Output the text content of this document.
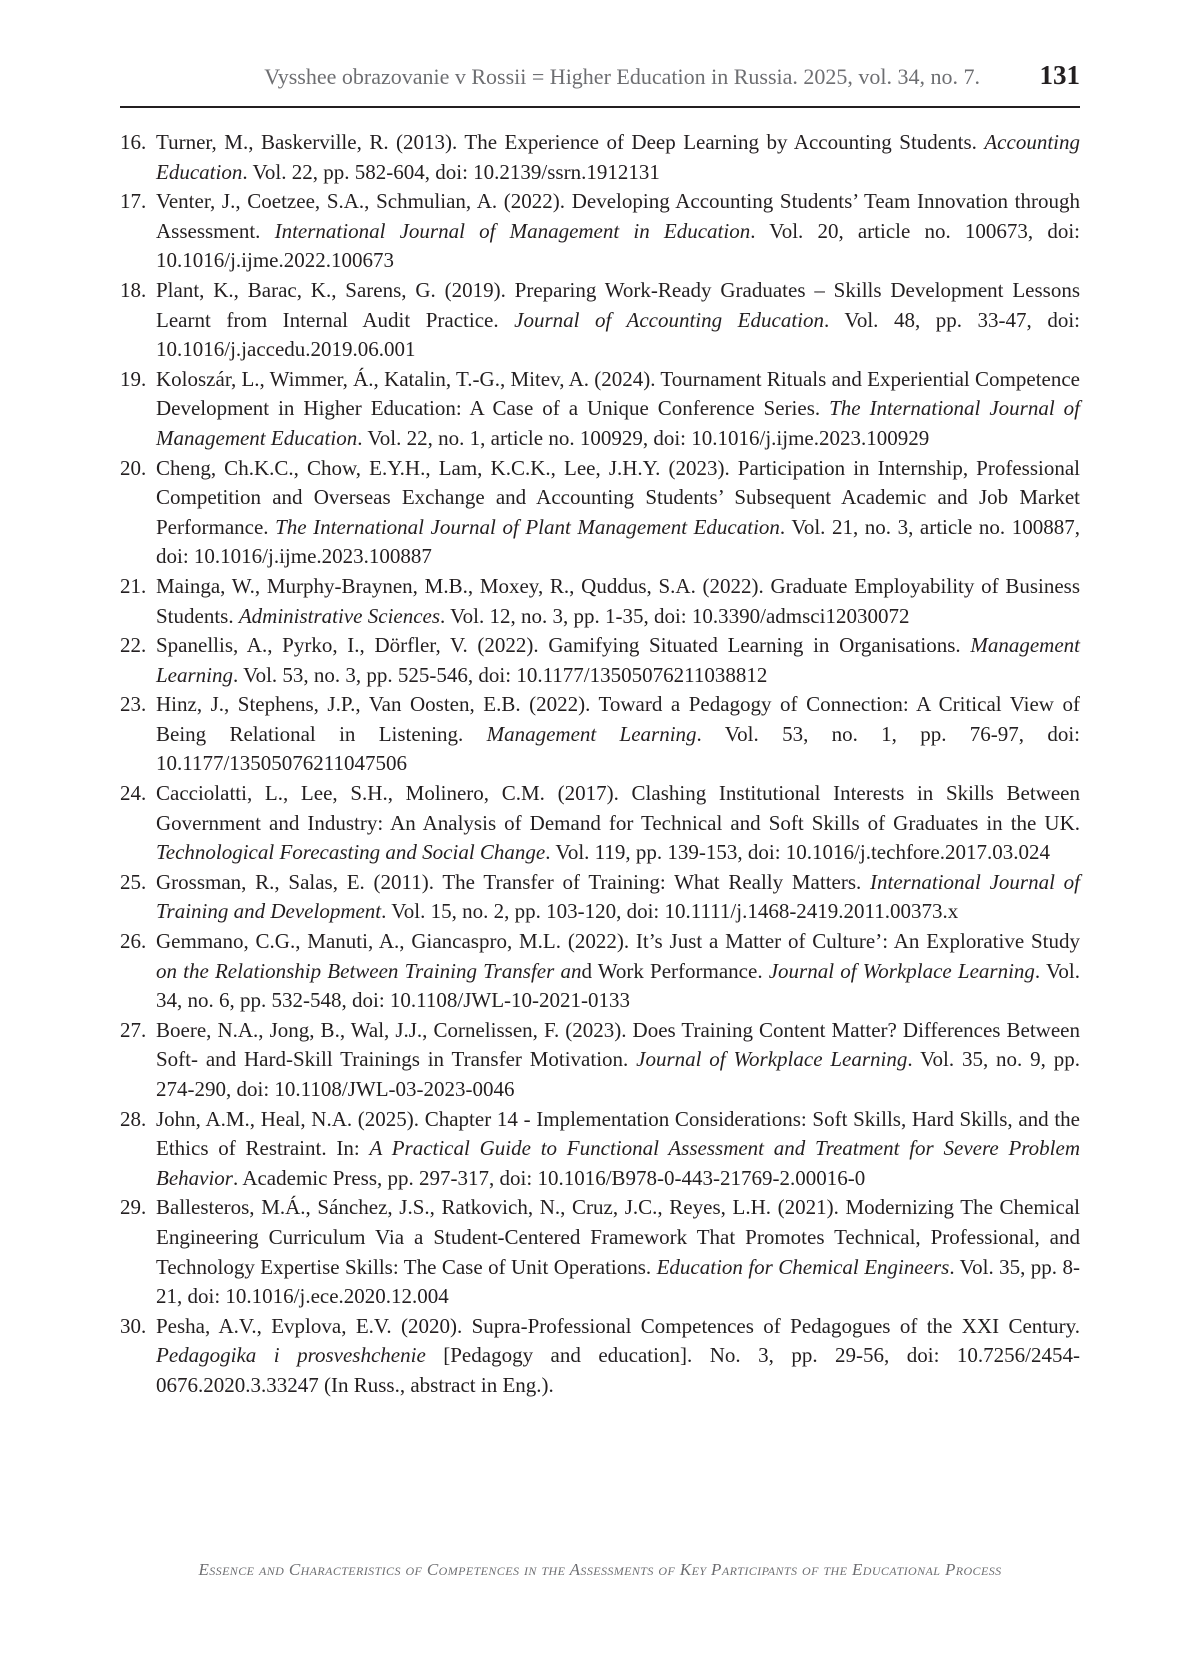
Vysshee obrazovanie v Rossii = Higher Education in Russia. 2025, vol. 34, no. 7. 131
16. Turner, M., Baskerville, R. (2013). The Experience of Deep Learning by Accounting Students. Accounting Education. Vol. 22, pp. 582-604, doi: 10.2139/ssrn.1912131
17. Venter, J., Coetzee, S.A., Schmulian, A. (2022). Developing Accounting Students’ Team Innovation through Assessment. International Journal of Management in Education. Vol. 20, article no. 100673, doi: 10.1016/j.ijme.2022.100673
18. Plant, K., Barac, K., Sarens, G. (2019). Preparing Work-Ready Graduates – Skills Development Lessons Learnt from Internal Audit Practice. Journal of Accounting Education. Vol. 48, pp. 33-47, doi: 10.1016/j.jaccedu.2019.06.001
19. Koloszár, L., Wimmer, Á., Katalin, T.-G., Mitev, A. (2024). Tournament Rituals and Experiential Competence Development in Higher Education: A Case of a Unique Conference Series. The International Journal of Management Education. Vol. 22, no. 1, article no. 100929, doi: 10.1016/j.ijme.2023.100929
20. Cheng, Ch.K.C., Chow, E.Y.H., Lam, K.C.K., Lee, J.H.Y. (2023). Participation in Internship, Professional Competition and Overseas Exchange and Accounting Students’ Subsequent Academic and Job Market Performance. The International Journal of Plant Management Education. Vol. 21, no. 3, article no. 100887, doi: 10.1016/j.ijme.2023.100887
21. Mainga, W., Murphy-Braynen, M.B., Moxey, R., Quddus, S.A. (2022). Graduate Employability of Business Students. Administrative Sciences. Vol. 12, no. 3, pp. 1-35, doi: 10.3390/admsci12030072
22. Spanellis, A., Pyrko, I., Dörfler, V. (2022). Gamifying Situated Learning in Organisations. Management Learning. Vol. 53, no. 3, pp. 525-546, doi: 10.1177/13505076211038812
23. Hinz, J., Stephens, J.P., Van Oosten, E.B. (2022). Toward a Pedagogy of Connection: A Critical View of Being Relational in Listening. Management Learning. Vol. 53, no. 1, pp. 76-97, doi: 10.1177/13505076211047506
24. Cacciolatti, L., Lee, S.H., Molinero, C.M. (2017). Clashing Institutional Interests in Skills Between Government and Industry: An Analysis of Demand for Technical and Soft Skills of Graduates in the UK. Technological Forecasting and Social Change. Vol. 119, pp. 139-153, doi: 10.1016/j.techfore.2017.03.024
25. Grossman, R., Salas, E. (2011). The Transfer of Training: What Really Matters. International Journal of Training and Development. Vol. 15, no. 2, pp. 103-120, doi: 10.1111/j.1468-2419.2011.00373.x
26. Gemmano, C.G., Manuti, A., Giancaspro, M.L. (2022). It’s Just a Matter of Culture’: An Explorative Study on the Relationship Between Training Transfer and Work Performance. Journal of Workplace Learning. Vol. 34, no. 6, pp. 532-548, doi: 10.1108/JWL-10-2021-0133
27. Boere, N.A., Jong, B., Wal, J.J., Cornelissen, F. (2023). Does Training Content Matter? Differences Between Soft- and Hard-Skill Trainings in Transfer Motivation. Journal of Workplace Learning. Vol. 35, no. 9, pp. 274-290, doi: 10.1108/JWL-03-2023-0046
28. John, A.M., Heal, N.A. (2025). Chapter 14 - Implementation Considerations: Soft Skills, Hard Skills, and the Ethics of Restraint. In: A Practical Guide to Functional Assessment and Treatment for Severe Problem Behavior. Academic Press, pp. 297-317, doi: 10.1016/B978-0-443-21769-2.00016-0
29. Ballesteros, M.Á., Sánchez, J.S., Ratkovich, N., Cruz, J.C., Reyes, L.H. (2021). Modernizing The Chemical Engineering Curriculum Via a Student-Centered Framework That Promotes Technical, Professional, and Technology Expertise Skills: The Case of Unit Operations. Education for Chemical Engineers. Vol. 35, pp. 8-21, doi: 10.1016/j.ece.2020.12.004
30. Pesha, A.V., Evplova, E.V. (2020). Supra-Professional Competences of Pedagogues of the XXI Century. Pedagogika i prosveshchenie [Pedagogy and education]. No. 3, pp. 29-56, doi: 10.7256/2454-0676.2020.3.33247 (In Russ., abstract in Eng.).
Essence and Characteristics of Competences in the Assessments of Key Participants of the Educational Process
